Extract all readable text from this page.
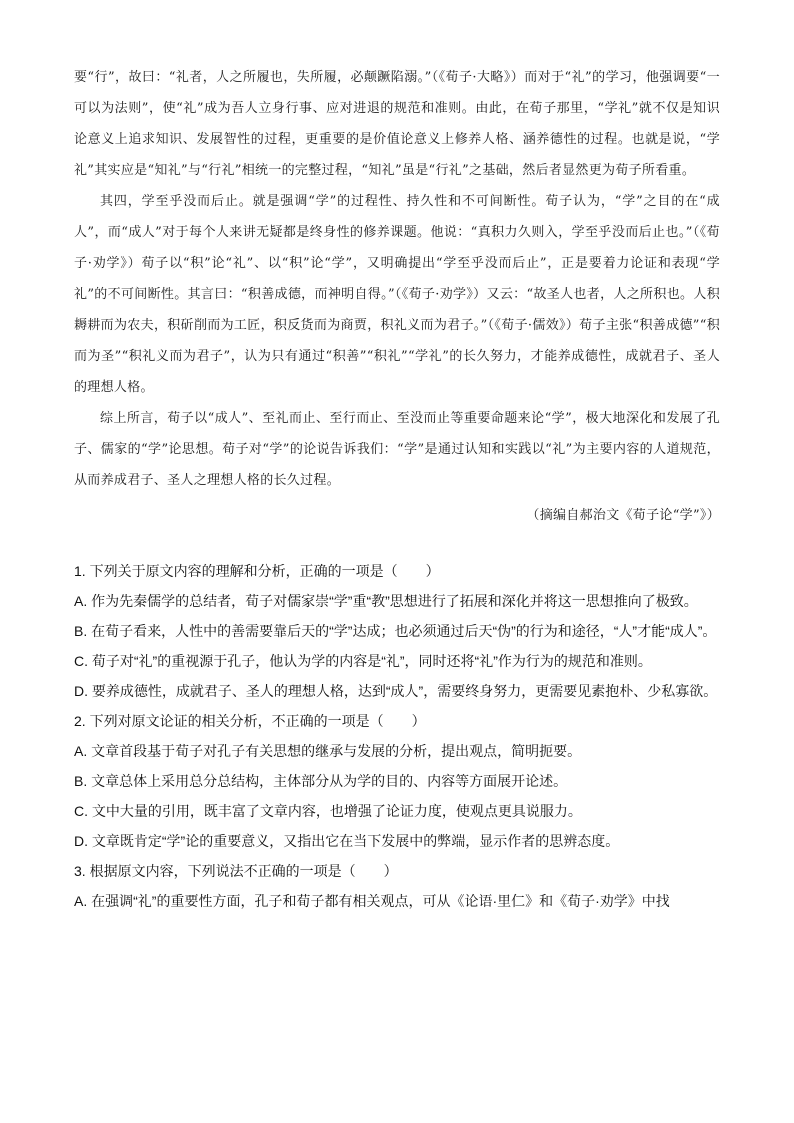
要“行”，故曰：“礼者，人之所履也，失所履，必颠蹶陷溺。”（《荀子·大略》）而对于“礼”的学习，他强调要“一可以为法则”，使“礼”成为吾人立身行事、应对进退的规范和准则。由此，在荀子那里，“学礼”就不仅是知识论意义上追求知识、发展智性的过程，更重要的是价值论意义上修养人格、涵养德性的过程。也就是说，“学礼”其实应是“知礼”与“行礼”相统一的完整过程，“知礼”虽是“行礼”之基础，然后者显然更为荀子所看重。

其四，学至乎没而后止。就是强调“学”的过程性、持久性和不可间断性。荀子认为，“学”之目的在“成人”，而“成人”对于每个人来讲无疑都是终身性的修养课题。他说：“真积力久则入，学至乎没而后止也。”（《荀子·劝学》）荀子以“积”论“礼”、以“积”论“学”，又明确提出“学至乎没而后止”，正是要着力论证和表现“学礼”的不可间断性。其言曰：“积善成德，而神明自得。”（《荀子·劝学》）又云：“故圣人也者，人之所积也。人积耨耕而为农夫，积斫削而为工匠，积反货而为商贾，积礼义而为君子。”（《荀子·儒效》）荀子主张“积善成德”“积而为圣”“积礼义而为君子”，认为只有通过“积善”“积礼”“学礼”的长久努力，才能养成德性，成就君子、圣人的理想人格。

综上所言，荀子以“成人”、至礼而止、至行而止、至没而止等重要命题来论“学”，极大地深化和发展了孔子、儒家的“学”论思想。荀子对“学”的论说告诉我们：“学”是通过认知和实践以“礼”为主要内容的人道规范，从而养成君子、圣人之理想人格的长久过程。

（摘编自郝治文《荀子论“学”》）

1. 下列关于原文内容的理解和分析，正确的一项是（　　）

A. 作为先秦儒学的总结者，荀子对儒家崇“学”重“教”思想进行了拓展和深化并将这一思想推向了极致。

B. 在荀子看来，人性中的善需要靠后天的“学”达成；也必须通过后天“伪”的行为和途径，“人”才能“成人”。

C. 荀子对“礼”的重视源于孔子，他认为学的内容是“礼”，同时还将“礼”作为行为的规范和准则。

D. 要养成德性，成就君子、圣人的理想人格，达到“成人”，需要终身努力，更需要见素抱朴、少私寡欲。

2. 下列对原文论证的相关分析，不正确的一项是（　　）

A. 文章首段基于荀子对孔子有关思想的继承与发展的分析，提出观点，简明扼要。

B. 文章总体上采用总分总结构，主体部分从为学的目的、内容等方面展开论述。

C. 文中大量的引用，既丰富了文章内容，也增强了论证力度，使观点更具说服力。

D. 文章既肯定“学”论的重要意义，又指出它在当下发展中的弊端，显示作者的思辨态度。

3. 根据原文内容，下列说法不正确的一项是（　　）

A. 在强调“礼”的重要性方面，孔子和荀子都有相关观点，可从《论语·里仁》和《荀子·劝学》中找
